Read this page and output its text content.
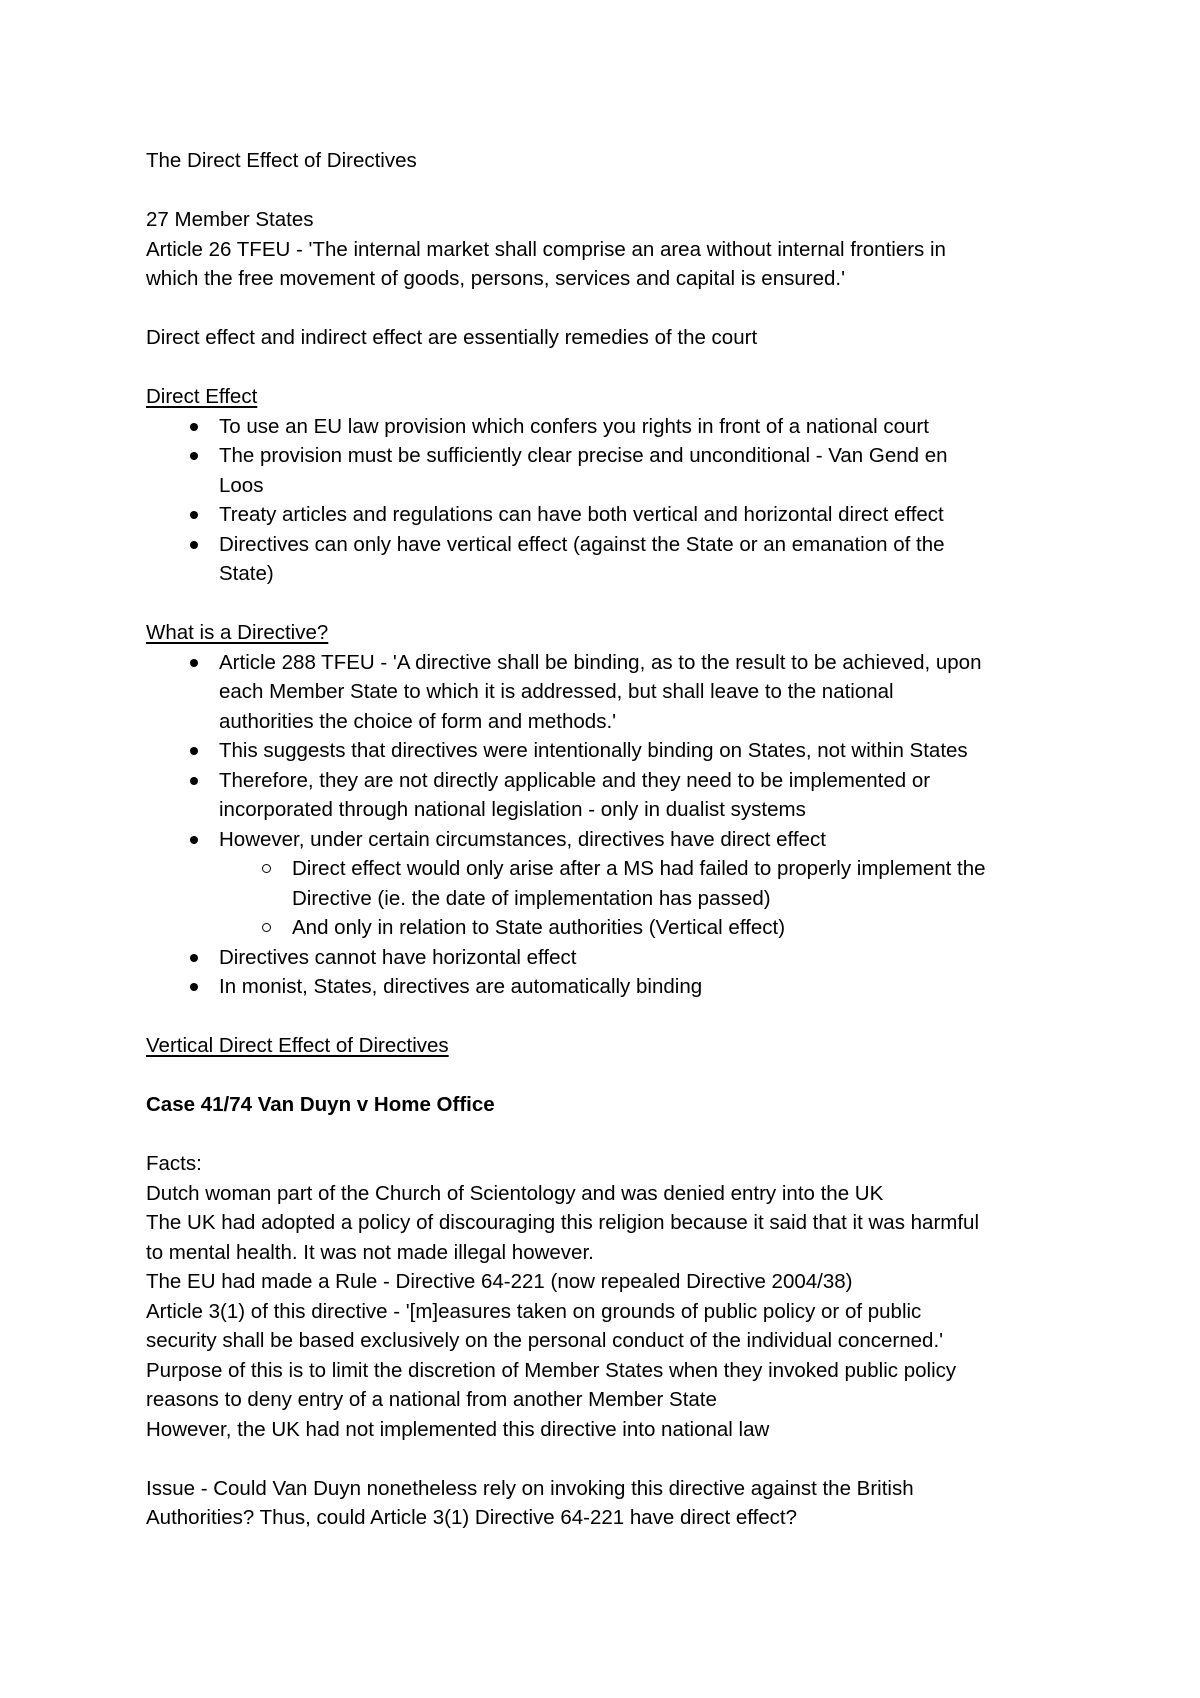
The Direct Effect of Directives
27 Member States
Article 26 TFEU - 'The internal market shall comprise an area without internal frontiers in
which the free movement of goods, persons, services and capital is ensured.'
Direct effect and indirect effect are essentially remedies of the court
Direct Effect
To use an EU law provision which confers you rights in front of a national court
The provision must be sufficiently clear precise and unconditional - Van Gend en
Loos
Treaty articles and regulations can have both vertical and horizontal direct effect
Directives can only have vertical effect (against the State or an emanation of the
State)
What is a Directive?
Article 288 TFEU - 'A directive shall be binding, as to the result to be achieved, upon
each Member State to which it is addressed, but shall leave to the national
authorities the choice of form and methods.'
This suggests that directives were intentionally binding on States, not within States
Therefore, they are not directly applicable and they need to be implemented or
incorporated through national legislation - only in dualist systems
However, under certain circumstances, directives have direct effect
Direct effect would only arise after a MS had failed to properly implement the
Directive (ie. the date of implementation has passed)
And only in relation to State authorities (Vertical effect)
Directives cannot have horizontal effect
In monist, States, directives are automatically binding
Vertical Direct Effect of Directives
Case 41/74 Van Duyn v Home Office
Facts:
Dutch woman part of the Church of Scientology and was denied entry into the UK
The UK had adopted a policy of discouraging this religion because it said that it was harmful
to mental health. It was not made illegal however.
The EU had made a Rule - Directive 64-221 (now repealed Directive 2004/38)
Article 3(1) of this directive - '[m]easures taken on grounds of public policy or of public
security shall be based exclusively on the personal conduct of the individual concerned.'
Purpose of this is to limit the discretion of Member States when they invoked public policy
reasons to deny entry of a national from another Member State
However, the UK had not implemented this directive into national law
Issue - Could Van Duyn nonetheless rely on invoking this directive against the British
Authorities? Thus, could Article 3(1) Directive 64-221 have direct effect?
